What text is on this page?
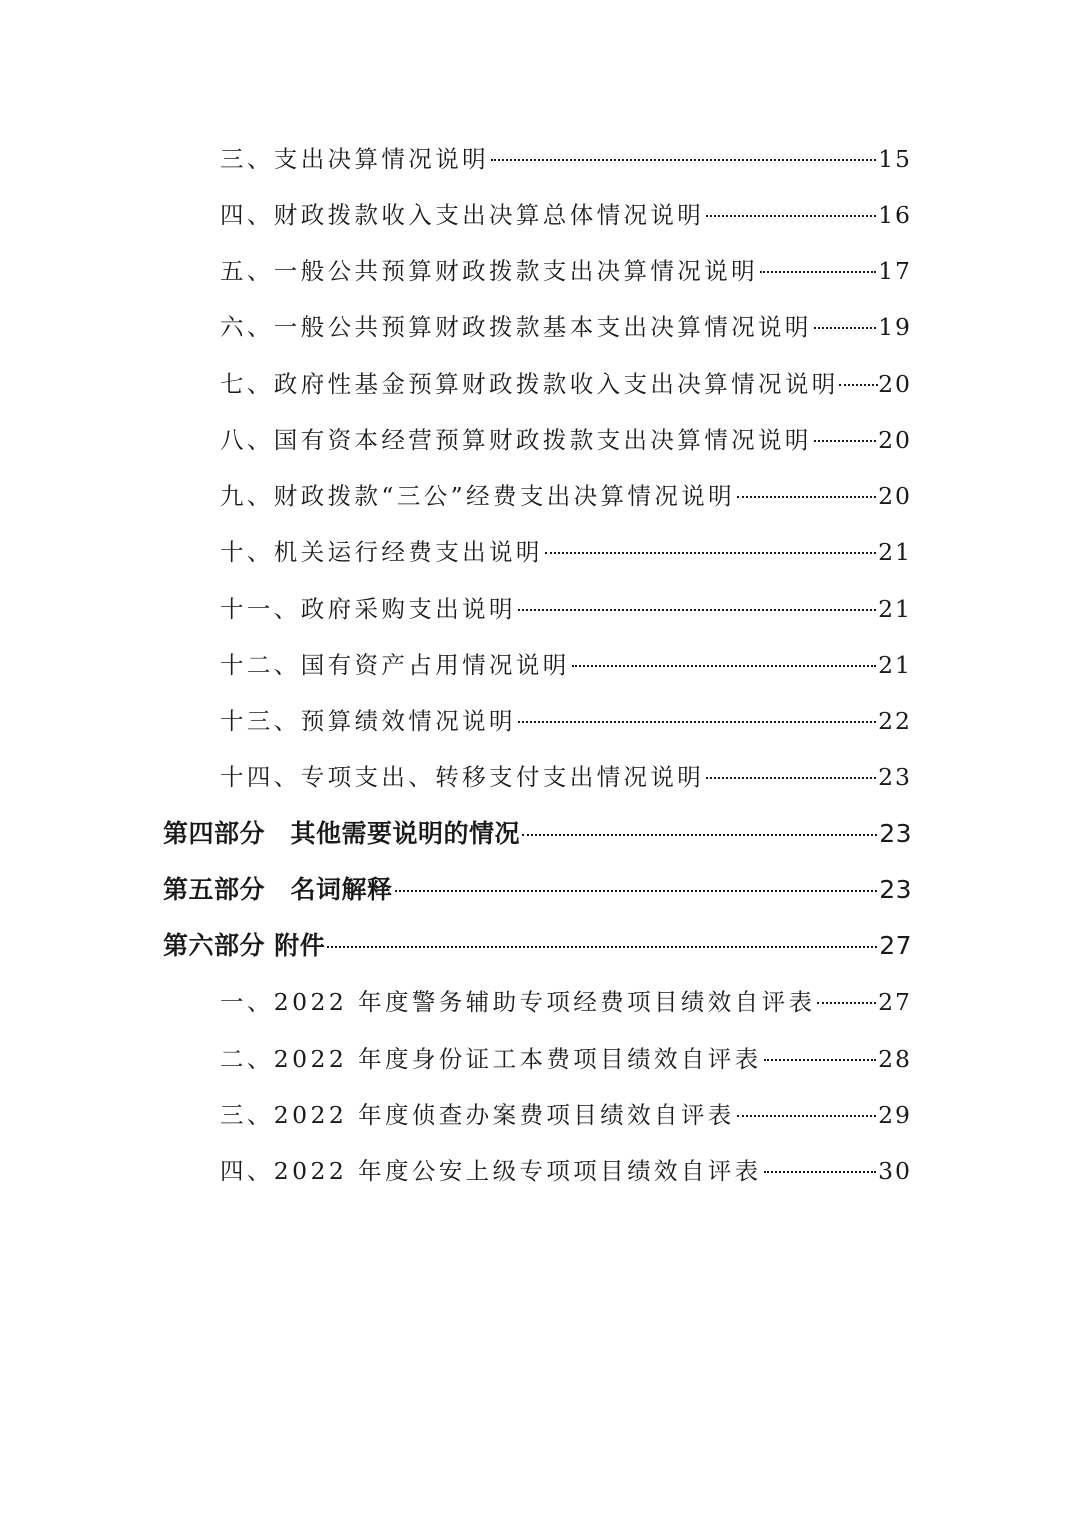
三、支出决算情况说明	15
四、财政拨款收入支出决算总体情况说明	16
五、一般公共预算财政拨款支出决算情况说明	17
六、一般公共预算财政拨款基本支出决算情况说明	19
七、政府性基金预算财政拨款收入支出决算情况说明 20
八、国有资本经营预算财政拨款支出决算情况说明	20
九、财政拨款“三公”经费支出决算情况说明	20
十、机关运行经费支出说明	21
十一、政府采购支出说明	21
十二、国有资产占用情况说明	21
十三、预算绩效情况说明	22
十四、专项支出、转移支付支出情况说明	23
第四部分　其他需要说明的情况	23
第五部分　名词解释	23
第六部分 附件	27
一、2022 年度警务辅助专项经费项目绩效自评表	27
二、2022 年度身份证工本费项目绩效自评表	28
三、2022 年度侦查办案费项目绩效自评表	29
四、2022 年度公安上级专项项目绩效自评表	30
